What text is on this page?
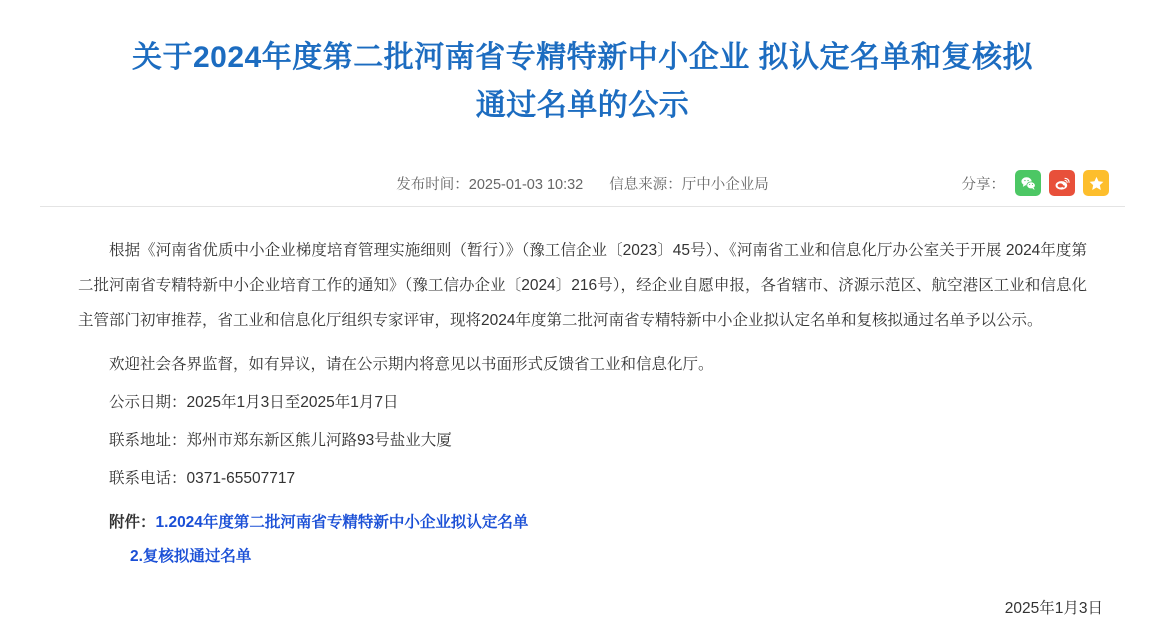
关于2024年度第二批河南省专精特新中小企业 拟认定名单和复核拟通过名单的公示
发布时间：2025-01-03 10:32 信息来源：厅中小企业局	分享：

根据《河南省优质中小企业梯度培育管理实施细则（暂行）》（豫工信企业〔2023〕45号）、《河南省工业和信息化厅办公室关于开展 2024年度第二批河南省专精特新中小企业培育工作的通知》（豫工信办企业〔2024〕216号），经企业自愿申报，各省辖市、济源示范区、航空港区工业和信息化主管部门初审推荐，省工业和信息化厅组织专家评审，现将2024年度第二批河南省专精特新中小企业拟认定名单和复核拟通过名单予以公示。

欢迎社会各界监督，如有异议，请在公示期内将意见以书面形式反馈省工业和信息化厅。

公示日期：2025年1月3日至2025年1月7日

联系地址：郑州市郑东新区熊儿河路93号盐业大厦

联系电话：0371-65507717

附件：1.2024年度第二批河南省专精特新中小企业拟认定名单
2.复核拟通过名单
2025年1月3日
